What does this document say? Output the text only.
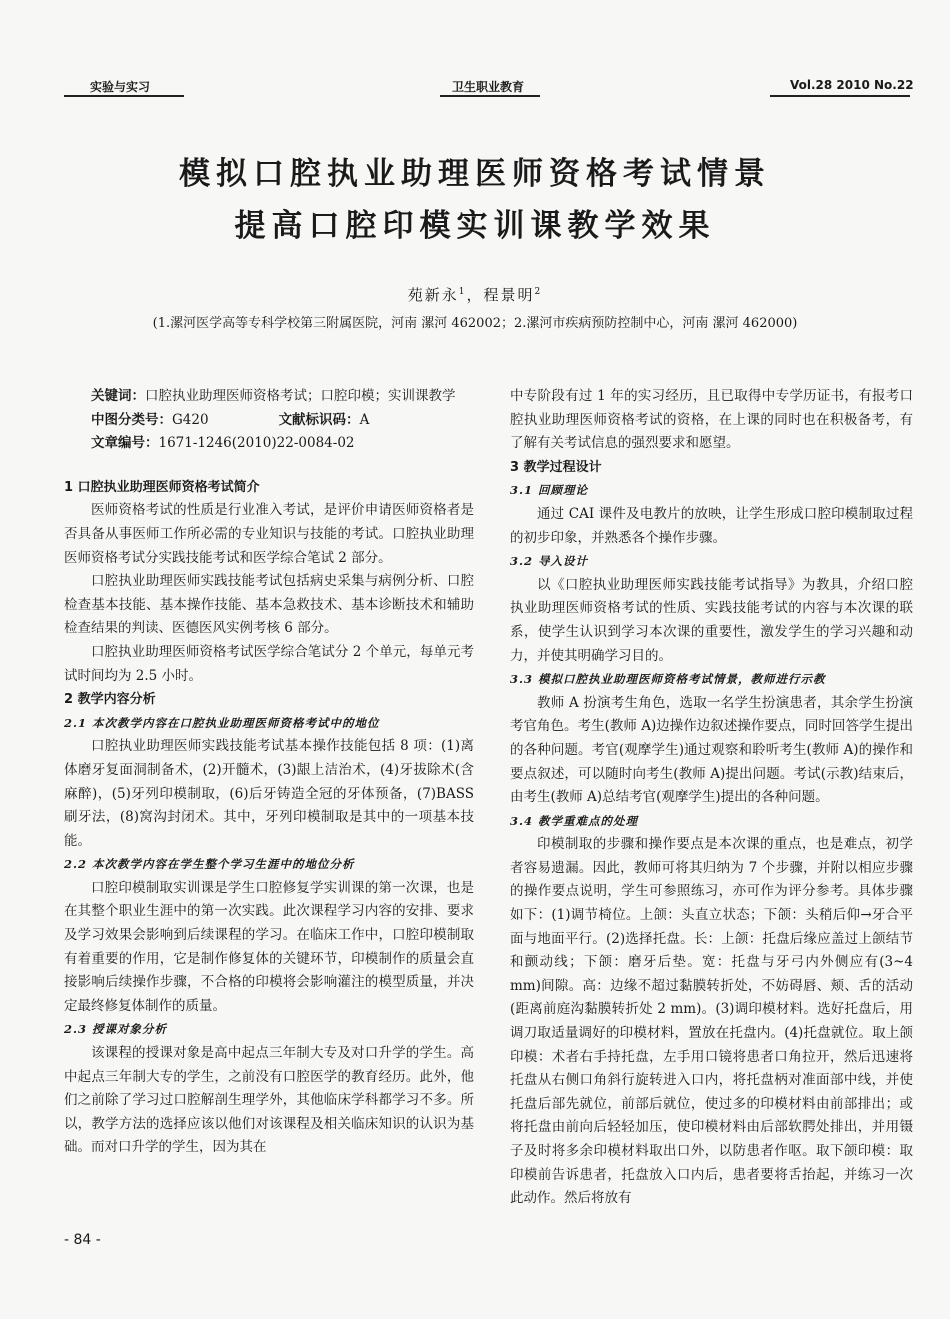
实验与实习	卫生职业教育	Vol.28 2010 No.22
模拟口腔执业助理医师资格考试情景
提高口腔印模实训课教学效果
苑新永$^1$，程景明$^2$
(1.漯河医学高等专科学校第三附属医院，河南 漯河 462002；2.漯河市疾病预防控制中心，河南 漯河 462000)

关键词：口腔执业助理医师资格考试；口腔印模；实训课教学

中图分类号：G420	文献标识码：A

文章编号：1671-1246(2010)22-0084-02

1 口腔执业助理医师资格考试简介

医师资格考试的性质是行业准入考试，是评价申请医师资格者是否具备从事医师工作所必需的专业知识与技能的考试。口腔执业助理医师资格考试分实践技能考试和医学综合笔试 2 部分。

口腔执业助理医师实践技能考试包括病史采集与病例分析、口腔检查基本技能、基本操作技能、基本急救技术、基本诊断技术和辅助检查结果的判读、医德医风实例考核 6 部分。

口腔执业助理医师资格考试医学综合笔试分 2 个单元，每单元考试时间均为 2.5 小时。

2 教学内容分析

2.1 本次教学内容在口腔执业助理医师资格考试中的地位

口腔执业助理医师实践技能考试基本操作技能包括 8 项：(1)离体磨牙复面洞制备术，(2)开髓术，(3)龈上洁治术，(4)牙拔除术(含麻醉)，(5)牙列印模制取，(6)后牙铸造全冠的牙体预备，(7)BASS 刷牙法，(8)窝沟封闭术。其中，牙列印模制取是其中的一项基本技能。

2.2 本次教学内容在学生整个学习生涯中的地位分析

口腔印模制取实训课是学生口腔修复学实训课的第一次课，也是在其整个职业生涯中的第一次实践。此次课程学习内容的安排、要求及学习效果会影响到后续课程的学习。在临床工作中，口腔印模制取有着重要的作用，它是制作修复体的关键环节，印模制作的质量会直接影响后续操作步骤，不合格的印模将会影响灌注的模型质量，并决定最终修复体制作的质量。

2.3 授课对象分析

该课程的授课对象是高中起点三年制大专及对口升学的学生。高中起点三年制大专的学生，之前没有口腔医学的教育经历。此外，他们之前除了学习过口腔解剖生理学外，其他临床学科都学习不多。所以，教学方法的选择应该以他们对该课程及相关临床知识的认识为基础。而对口升学的学生，因为其在

中专阶段有过 1 年的实习经历，且已取得中专学历证书，有报考口腔执业助理医师资格考试的资格，在上课的同时也在积极备考，有了解有关考试信息的强烈要求和愿望。

3 教学过程设计

3.1 回顾理论

通过 CAI 课件及电教片的放映，让学生形成口腔印模制取过程的初步印象，并熟悉各个操作步骤。

3.2 导入设计

以《口腔执业助理医师实践技能考试指导》为教具，介绍口腔执业助理医师资格考试的性质、实践技能考试的内容与本次课的联系，使学生认识到学习本次课的重要性，激发学生的学习兴趣和动力，并使其明确学习目的。

3.3 模拟口腔执业助理医师资格考试情景，教师进行示教

教师 A 扮演考生角色，选取一名学生扮演患者，其余学生扮演考官角色。考生(教师 A)边操作边叙述操作要点，同时回答学生提出的各种问题。考官(观摩学生)通过观察和聆听考生(教师 A)的操作和要点叙述，可以随时向考生(教师 A)提出问题。考试(示教)结束后，由考生(教师 A)总结考官(观摩学生)提出的各种问题。

3.4 教学重难点的处理

印模制取的步骤和操作要点是本次课的重点，也是难点，初学者容易遗漏。因此，教师可将其归纳为 7 个步骤，并附以相应步骤的操作要点说明，学生可参照练习，亦可作为评分参考。具体步骤如下：(1)调节椅位。上颌：头直立状态；下颌：头稍后仰→牙合平面与地面平行。(2)选择托盘。长：上颌：托盘后缘应盖过上颌结节和颤动线；下颌：磨牙后垫。宽：托盘与牙弓内外侧应有(3~4 mm)间隙。高：边缘不超过黏膜转折处，不妨碍唇、颊、舌的活动(距离前庭沟黏膜转折处 2 mm)。(3)调印模材料。选好托盘后，用调刀取适量调好的印模材料，置放在托盘内。(4)托盘就位。取上颌印模：术者右手持托盘，左手用口镜将患者口角拉开，然后迅速将托盘从右侧口角斜行旋转进入口内，将托盘柄对准面部中线，并使托盘后部先就位，前部后就位，使过多的印模材料由前部排出；或将托盘由前向后轻轻加压，使印模材料由后部软腭处排出，并用镊子及时将多余印模材料取出口外，以防患者作呕。取下颌印模：取印模前告诉患者，托盘放入口内后，患者要将舌抬起，并练习一次此动作。然后将放有

- 84 -
